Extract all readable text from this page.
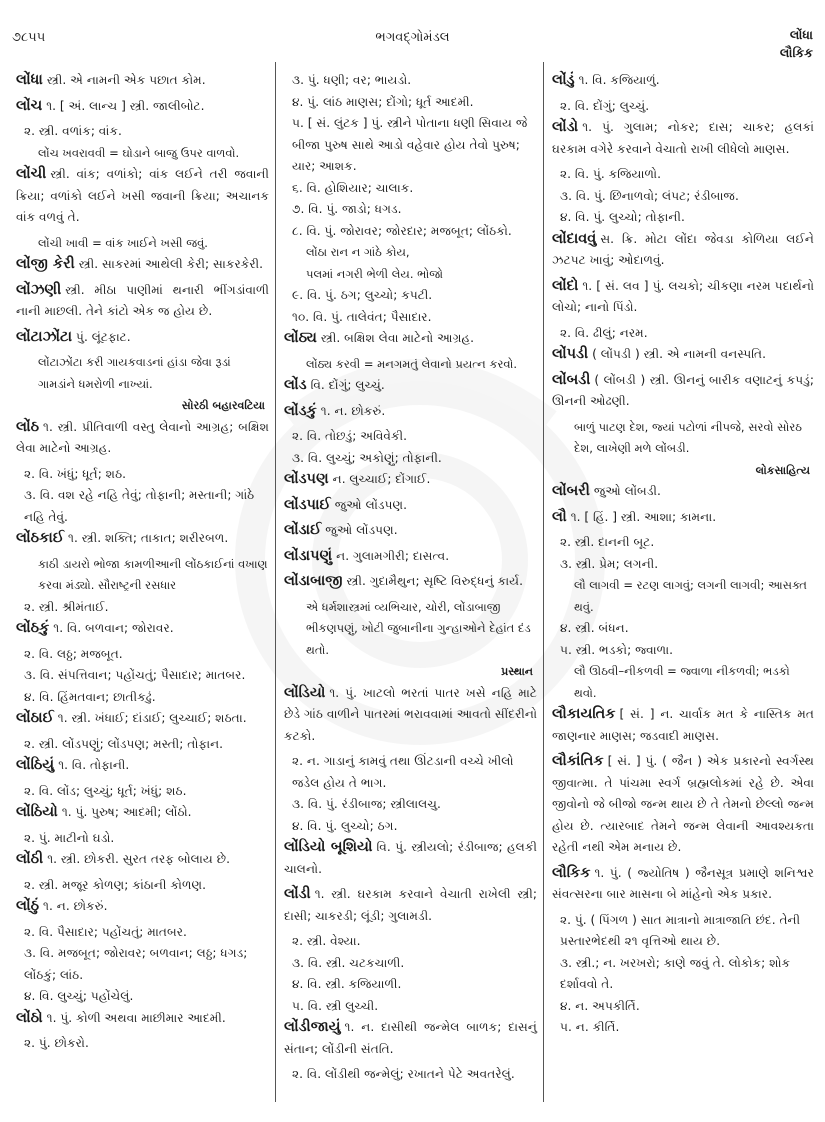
૭૮૫૫	ભગવદ્ગોમંડલ	લોંધા
લૌકિક
લોંધા સ્ત્રી. એ નામની એક પછાત કોમ.
લોંચ ૧. [ અં. લાન્ચ ] સ્ત્રી. જાલીબોટ.
૨. સ્ત્રી. વળાંક; વાંક.
લોંચ ખવરાવવી = ઘોડાને બાજુ ઉપર વાળવો.
લોંચી સ્ત્રી. વાંક; વળાંકો; વાંક લઈને તરી જવાની ક્રિયા; વળાંકો લઈને ખસી જવાની ક્રિયા; અચાનક વાંક વળવું તે.
લોંચી ખાવી = વાંક ખાઈને ખસી જવું.
લોંજી કેરી સ્ત્રી. સાકરમાં આથેલી કેરી; સાકરકેરી.
લોંઝણી સ્ત્રી. મીઠા પાણીમાં થનારી ભીંગડાંવાળી નાની માછલી. તેને કાંટો એક જ હોય છે.
લોંટાઝોંટા પું. લૂંટફાટ.
લોંટાઝોંટા કરી ગાયકવાડનાં હાંડા જેવા રૂડાં ગામડાંને ધમરોળી નાખ્યાં.
સોરઠી બહારવટિયા
લોંઠ ૧. સ્ત્રી. પ્રીતિવાળી વસ્તુ લેવાનો આગ્રહ; બક્ષિશ લેવા માટેનો આગ્રહ.
૨. વિ. ખંધું; ધૂર્ત; શઠ.
૩. વિ. વશ રહે નહિ તેવું; તોફાની; મસ્તાની; ગાંઠે નહિ તેવું.
લોંઠકાઈ ૧. સ્ત્રી. શક્તિ; તાકાત; શરીરબળ.
કાઠી ડાયરો ભોજા કામળીઆની લોંઠકાઈનાં વખાણ કરવા મંડ્યો. સૌરાષ્ટ્રની રસધાર
૨. સ્ત્રી. શ્રીમંતાઈ.
લોંઠકું ૧. વિ. બળવાન; જોરાવર.
૨. વિ. લઠ્ઠ; મજબૂત.
૩. વિ. સંપત્તિવાન; પહોંચતું; પૈસાદાર; માતબર.
૪. વિ. હિંમતવાન; છાતીકઢું.
લોંઠાઈ ૧. સ્ત્રી. ખંધાઈ; દાંડાઈ; લુચ્ચાઈ; શઠતા.
૨. સ્ત્રી. લોંડપણું; લોંડપણ; મસ્તી; તોફાન.
લોંઠિયું ૧. વિ. તોફાની.
૨. વિ. લોંડ; લુચ્ચું; ધૂર્ત; ખંધું; શઠ.
લોંઠિયો ૧. પું. પુરુષ; આદમી; લોંઠો.
૨. પું. માટીનો ઘડો.
લોંઠી ૧. સ્ત્રી. છોકરી. સુરત તરફ બોલાય છે.
૨. સ્ત્રી. મજૂર કોળણ; કાંઠાની કોળણ.
લોંઠું ૧. ન. છોકરું.
૨. વિ. પૈસાદાર; પહોંચતું; માતબર.
૩. વિ. મજબૂત; જોરાવર; બળવાન; લઠ્ઠ; ધગડ; લોંઠકું; લાંઠ.
૪. વિ. લુચ્ચું; પહોંચેલું.
લોંઠો ૧. પું. કોળી અથવા માછીમાર આદમી.
૨. પું. છોકરો.
૩. પું. ધણી; વર; ભાયડો.
૪. પું. લાંઠ માણસ; દોંગો; ધૂર્ત આદમી.
૫. [ સં. લુંટક ] પું. સ્ત્રીને પોતાના ધણી સિવાય જે બીજા પુરુષ સાથે આડો વહેવાર હોય તેવો પુરુષ; યાર; આશક.
૬. વિ. હોશિયાર; ચાલાક.
૭. વિ. પું. જાડો; ધગડ.
૮. વિ. પું. જોરાવર; જોરદાર; મજબૂત; લોંઠકો.
લોંઠા રાન ન ગાંઠે કોય,
પલમાં નગરી ભેળી લેય. ભોજો
૯. વિ. પું. ઠગ; લુચ્ચો; કપટી.
૧૦. વિ. પું. તાલેવંત; પૈસાદાર.
લોંઠ્ય સ્ત્રી. બક્ષિશ લેવા માટેનો આગ્રહ.
લોંઠ્ય કરવી = મનગમતું લેવાનો પ્રયત્ન કરવો.
લોંડ વિ. દોંગું; લુચ્ચું.
લોંડકું ૧. ન. છોકરું.
૨. વિ. તોછડું; અવિવેકી.
૩. વિ. લુચ્ચું; અકોણું; તોફાની.
લોંડપણ ન. લુચ્ચાઈ; દોંગાઈ.
લોંડપાઈ જુઓ લોંડપણ.
લોંડાઈ જુઓ લોંડપણ.
લોંડાપણું ન. ગુલામગીરી; દાસત્વ.
લોંડાબાજી સ્ત્રી. ગુદામૈથુન; સૃષ્ટિ વિરુદ્ધનું કાર્ય.
એ ધર્મશાસ્ત્રમાં વ્યભિચાર, ચોરી, લોંડાબાજી ભીકણપણું, ખોટી જુબાનીના ગુન્હાઓને દેહાંત દંડ થતો.
પ્રસ્થાન
લોંડિયો ૧. પું. ખાટલો ભરતાં પાતર ખસે નહિ માટે છેડે ગાંઠ વાળીને પાતરમાં ભરાવવામાં આવતો સીંદરીનો કટકો.
૨. ન. ગાડાનું કામવું તથા ઊંટડાની વચ્ચે ખીલો જડેલ હોય તે ભાગ.
૩. વિ. પું. રંડીબાજ; સ્ત્રીલાલચુ.
૪. વિ. પું. લુચ્ચો; ઠગ.
લોંડિયો બૂશિયો વિ. પું. સ્ત્રીયલો; રંડીબાજ; હલકી ચાલનો.
લોંડી ૧. સ્ત્રી. ઘરકામ કરવાને વેચાતી રાખેલી સ્ત્રી; દાસી; ચાકરડી; લૂંડી; ગુલામડી.
૨. સ્ત્રી. વેશ્યા.
૩. વિ. સ્ત્રી. ચટકચાળી.
૪. વિ. સ્ત્રી. કજિયાળી.
૫. વિ. સ્ત્રી લુચ્ચી.
લોંડીજાયું ૧. ન. દાસીથી જન્મેલ બાળક; દાસનું સંતાન; લોંડીની સંતતિ.
૨. વિ. લોંડીથી જન્મેલું; રખાતને પેટે અવતરેલું.
લોંડું ૧. વિ. કજિયાળું.
૨. વિ. દોંગું; લુચ્ચું.
લોંડો ૧. પું. ગુલામ; નોકર; દાસ; ચાકર; હલકાં ઘરકામ વગેરે કરવાને વેચાતો રાખી લીધેલો માણસ.
૨. વિ. પું. કજિયાળો.
૩. વિ. પું. છિનાળવો; લંપટ; રંડીબાજ.
૪. વિ. પું. લુચ્ચો; તોફાની.
લોંદાવવું સ. ક્રિ. મોટા લોંદા જેવડા કોળિયા લઈને ઝટપટ ખાવું; ઓદાળવું.
લોંદો ૧. [ સં. લવ ] પું. લચકો; ચીકણા નરમ પદાર્થનો લોચો; નાનો પિંડો.
૨. વિ. ઢીલું; નરમ.
લોંપડી ( લોંપડી ) સ્ત્રી. એ નામની વનસ્પતિ.
લોંબડી ( લોંબડી ) સ્ત્રી. ઊનનું બારીક વણાટનું કપડું; ઊનની ઓઢણી.
બાળું પાટણ દેશ, જ્યાં પટોળાં નીપજે, સરવો સોરઠ દેશ, લાખેણી મળે લોંબડી.
લોકસાહિત્ય
લોંબરી જુઓ લોંબડી.
લૌ ૧. [ હિં. ] સ્ત્રી. આશા; કામના.
૨. સ્ત્રી. દાનની બૂટ.
૩. સ્ત્રી. પ્રેમ; લગની.
લૌ લાગવી = રટણ લાગવું; લગની લાગવી; આસક્ત થવું.
૪. સ્ત્રી. બંધન.
૫. સ્ત્રી. ભડકો; જ્વાળા.
લૌ ઊઠવી–નીકળવી = જ્વાળા નીકળવી; ભડકો થવો.
લૌકાયતિક [ સં. ] ન. ચાર્વાક મત કે નાસ્તિક મત જાણનાર માણસ; જડવાદી માણસ.
લૌકાંતિક [ સં. ] પું. ( જૈન ) એક પ્રકારનો સ્વર્ગસ્થ જીવાત્મા. તે પાંચમા સ્વર્ગ બ્રહ્મલોકમાં રહે છે. એવા જીવોનો જે બીજો જન્મ થાય છે તે તેમનો છેલ્લો જન્મ હોય છે. ત્યારબાદ તેમને જન્મ લેવાની આવશ્યકતા રહેતી નથી એમ મનાય છે.
લૌકિક ૧. પું. ( જ્યોતિષ ) જૈનસૂત્ર પ્રમાણે શનિશ્વર સંવત્સરના બાર માસના બે માંહેનો એક પ્રકાર.
૨. પું. ( પિંગળ ) સાત માત્રાનો માત્રાજાતિ છંદ. તેની પ્રસ્તારભેદથી ૨૧ વૃત્તિઓ થાય છે.
૩. સ્ત્રી.; ન. ખરખરો; કાણે જવું તે. લોકોક; શોક દર્શાવવો તે.
૪. ન. અપકીર્તિ.
૫. ન. કીર્તિ.
